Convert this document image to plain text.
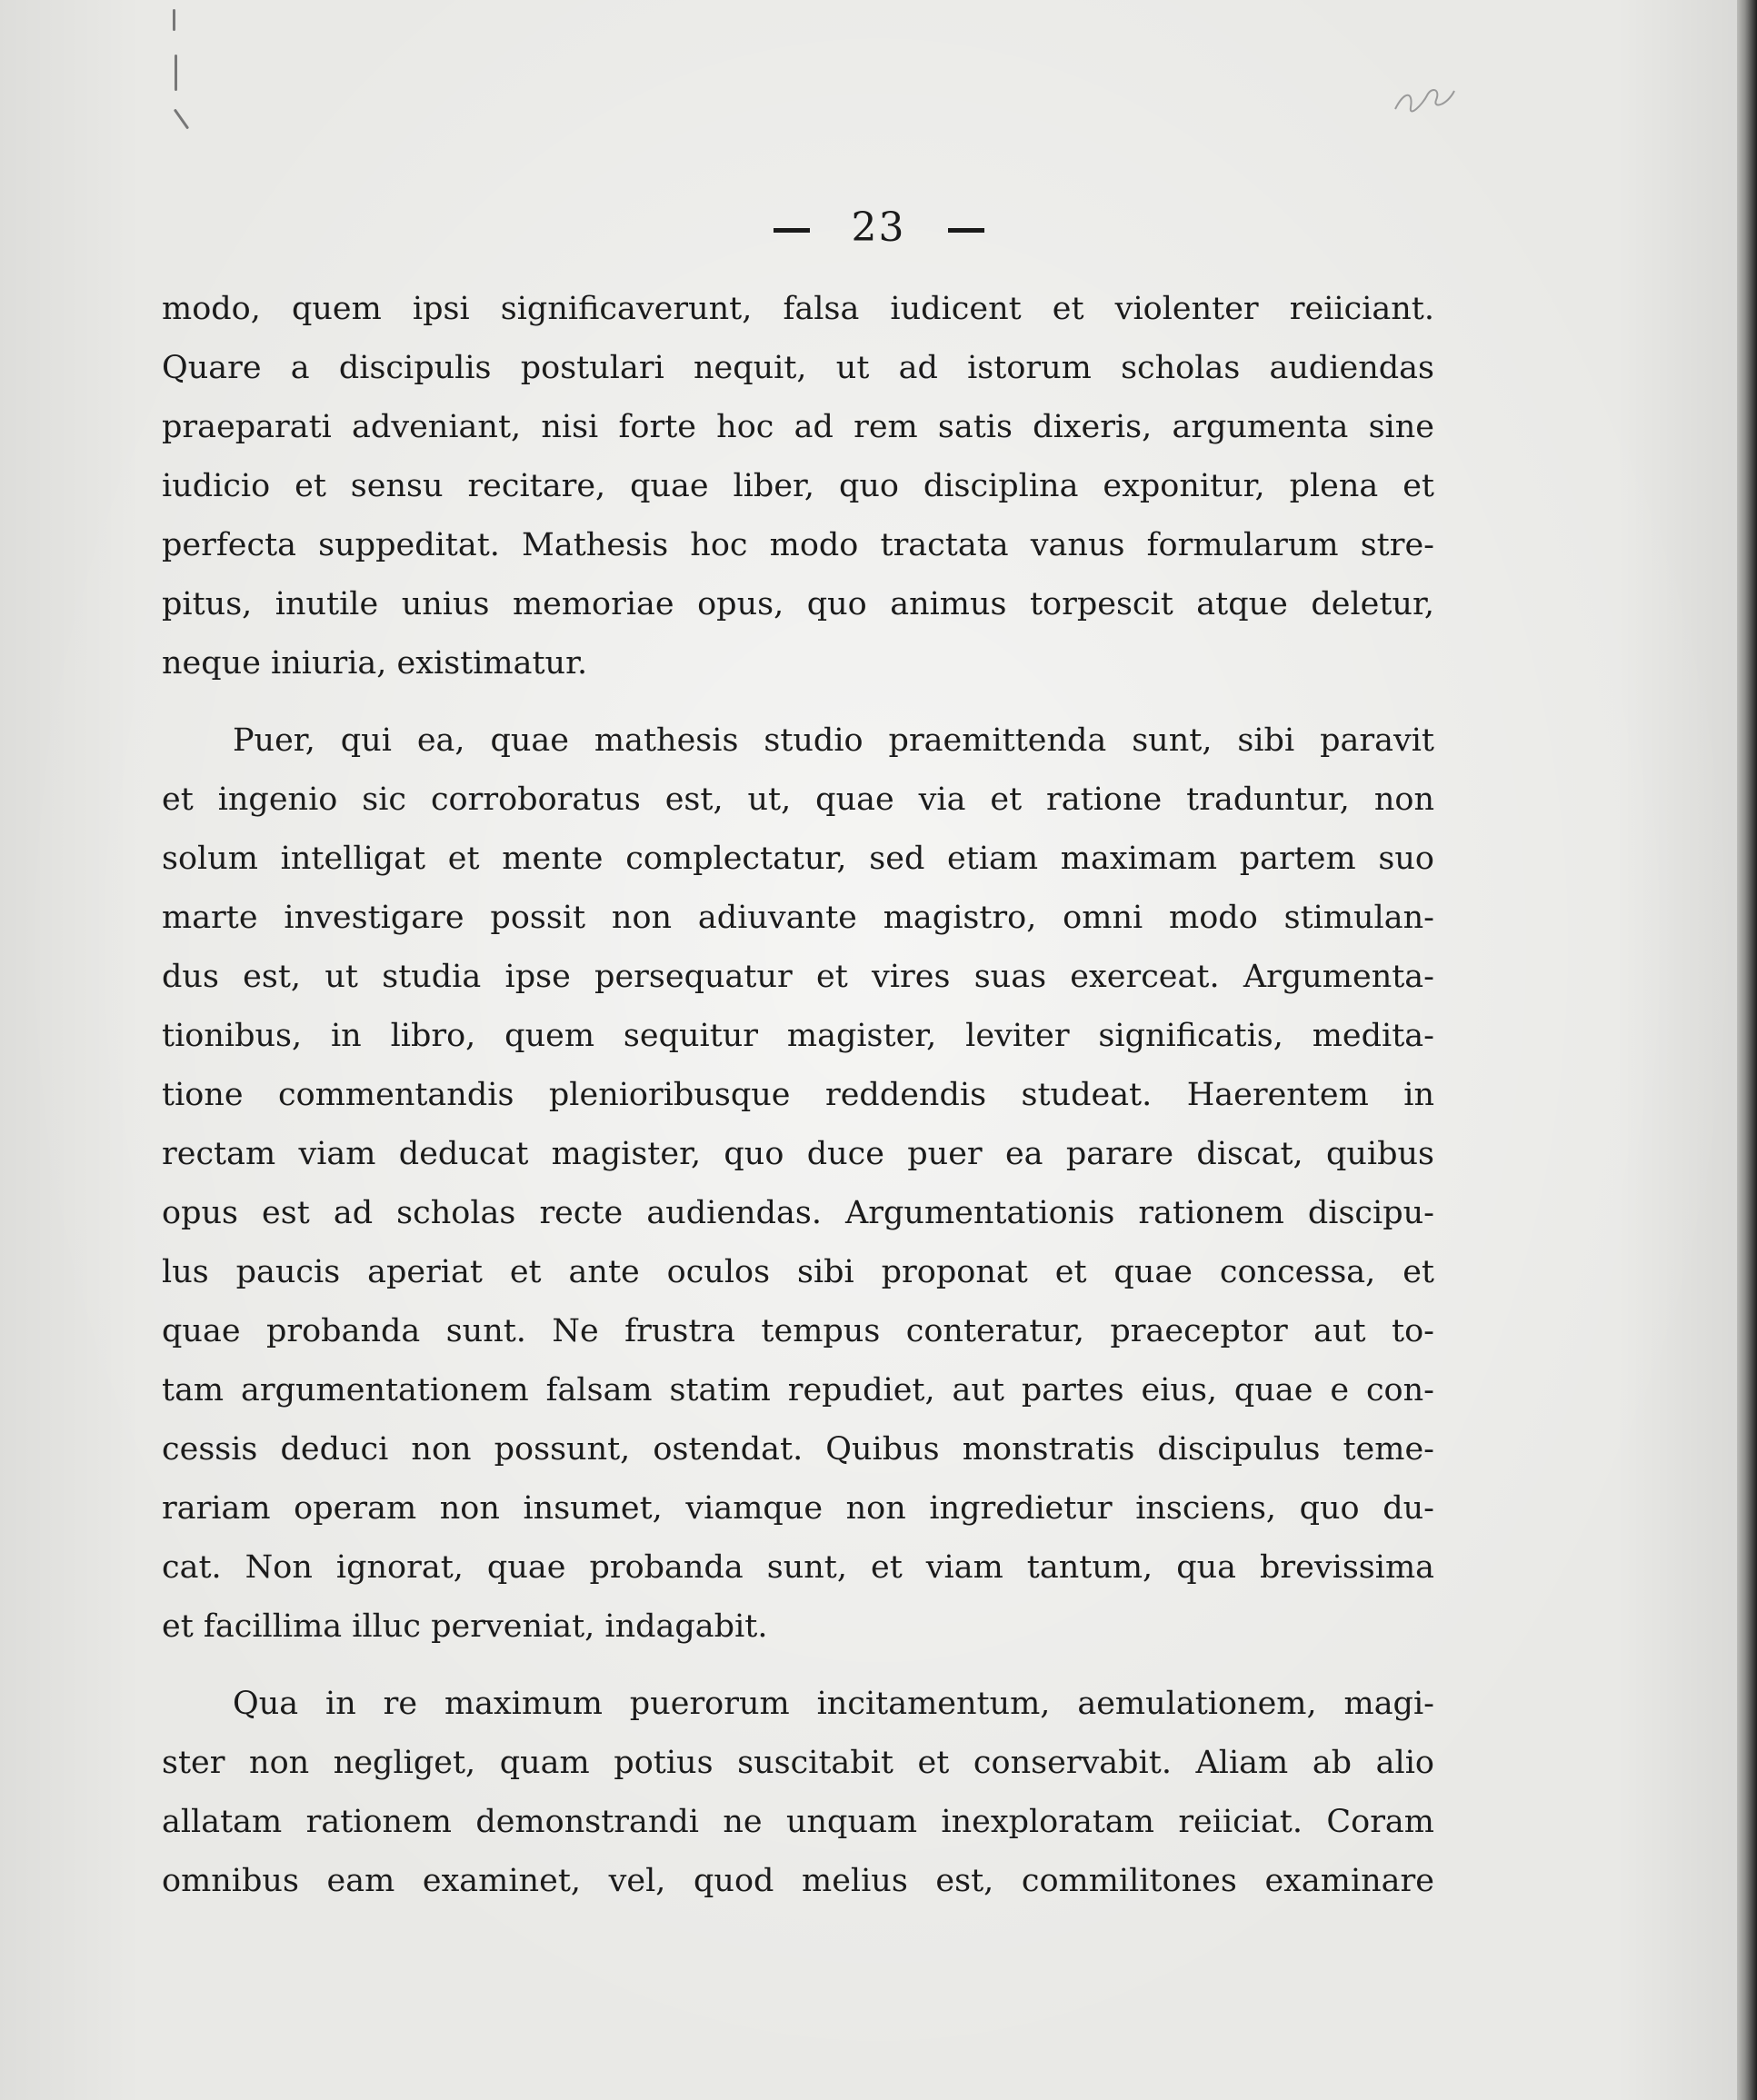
23
modo, quem ipsi significaverunt, falsa iudicent et violenter reiiciant.
Quare a discipulis postulari nequit, ut ad istorum scholas audiendas
praeparati adveniant, nisi forte hoc ad rem satis dixeris, argumenta sine
iudicio et sensu recitare, quae liber, quo disciplina exponitur, plena et
perfecta suppeditat. Mathesis hoc modo tractata vanus formularum stre-
pitus, inutile unius memoriae opus, quo animus torpescit atque deletur,
neque iniuria, existimatur.
Puer, qui ea, quae mathesis studio praemittenda sunt, sibi paravit
et ingenio sic corroboratus est, ut, quae via et ratione traduntur, non
solum intelligat et mente complectatur, sed etiam maximam partem suo
marte investigare possit non adiuvante magistro, omni modo stimulan-
dus est, ut studia ipse persequatur et vires suas exerceat. Argumenta-
tionibus, in libro, quem sequitur magister, leviter significatis, medita-
tione commentandis plenioribusque reddendis studeat. Haerentem in
rectam viam deducat magister, quo duce puer ea parare discat, quibus
opus est ad scholas recte audiendas. Argumentationis rationem discipu-
lus paucis aperiat et ante oculos sibi proponat et quae concessa, et
quae probanda sunt. Ne frustra tempus conteratur, praeceptor aut to-
tam argumentationem falsam statim repudiet, aut partes eius, quae e con-
cessis deduci non possunt, ostendat. Quibus monstratis discipulus teme-
rariam operam non insumet, viamque non ingredietur insciens, quo du-
cat. Non ignorat, quae probanda sunt, et viam tantum, qua brevissima
et facillima illuc perveniat, indagabit.
Qua in re maximum puerorum incitamentum, aemulationem, magi-
ster non negliget, quam potius suscitabit et conservabit. Aliam ab alio
allatam rationem demonstrandi ne unquam inexploratam reiiciat. Coram
omnibus eam examinet, vel, quod melius est, commilitones examinare
